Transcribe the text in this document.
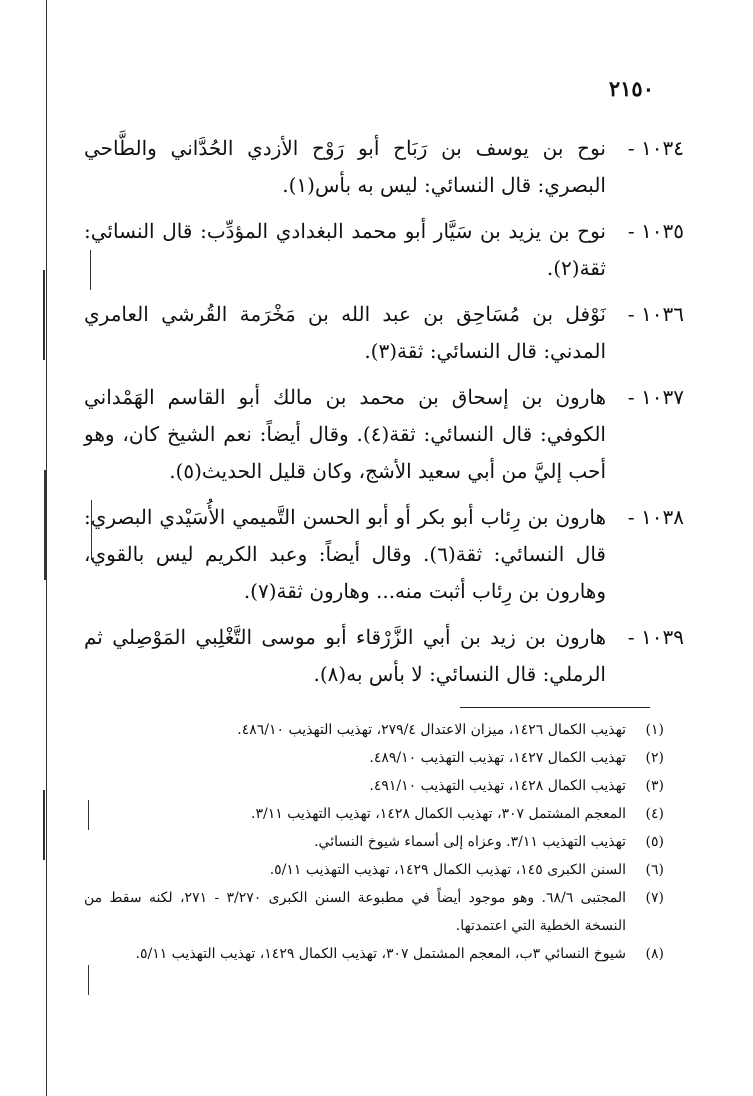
٢١٥٠
١٠٣٤ -
نوح بن يوسف بن رَبَاح أبو رَوْح الأزدي الحُدَّاني والطَّاحي البصري: قال النسائي: ليس به بأس(١).
١٠٣٥ -
نوح بن يزيد بن سَيَّار أبو محمد البغدادي المؤدِّب: قال النسائي: ثقة(٢).
١٠٣٦ -
نَوْفل بن مُسَاحِق بن عبد الله بن مَخْرَمة القُرشي العامري المدني: قال النسائي: ثقة(٣).
١٠٣٧ -
هارون بن إسحاق بن محمد بن مالك أبو القاسم الهَمْداني الكوفي: قال النسائي: ثقة(٤). وقال أيضاً: نعم الشيخ كان، وهو أحب إليَّ من أبي سعيد الأشج، وكان قليل الحديث(٥).
١٠٣٨ -
هارون بن رِئاب أبو بكر أو أبو الحسن التَّميمي الأُسَيْدي البصري: قال النسائي: ثقة(٦). وقال أيضاً: وعبد الكريم ليس بالقوي، وهارون بن رِئاب أثبت منه... وهارون ثقة(٧).
١٠٣٩ -
هارون بن زيد بن أبي الزَّرْقاء أبو موسى التَّغْلِبي المَوْصِلي ثم الرملي: قال النسائي: لا بأس به(٨).
(١)
تهذيب الكمال ١٤٢٦، ميزان الاعتدال ٢٧٩/٤، تهذيب التهذيب ٤٨٦/١٠.
(٢)
تهذيب الكمال ١٤٢٧، تهذيب التهذيب ٤٨٩/١٠.
(٣)
تهذيب الكمال ١٤٢٨، تهذيب التهذيب ٤٩١/١٠.
(٤)
المعجم المشتمل ٣٠٧، تهذيب الكمال ١٤٢٨، تهذيب التهذيب ٣/١١.
(٥)
تهذيب التهذيب ٣/١١. وعزاه إلى أسماء شيوخ النسائي.
(٦)
السنن الكبرى ١٤٥، تهذيب الكمال ١٤٢٩، تهذيب التهذيب ٥/١١.
(٧)
المجتبى ٦٨/٦. وهو موجود أيضاً في مطبوعة السنن الكبرى ٣/٢٧٠ - ٢٧١، لكنه سقط من النسخة الخطية التي اعتمدتها.
(٨)
شيوخ النسائي ٣ب، المعجم المشتمل ٣٠٧، تهذيب الكمال ١٤٢٩، تهذيب التهذيب ٥/١١.
